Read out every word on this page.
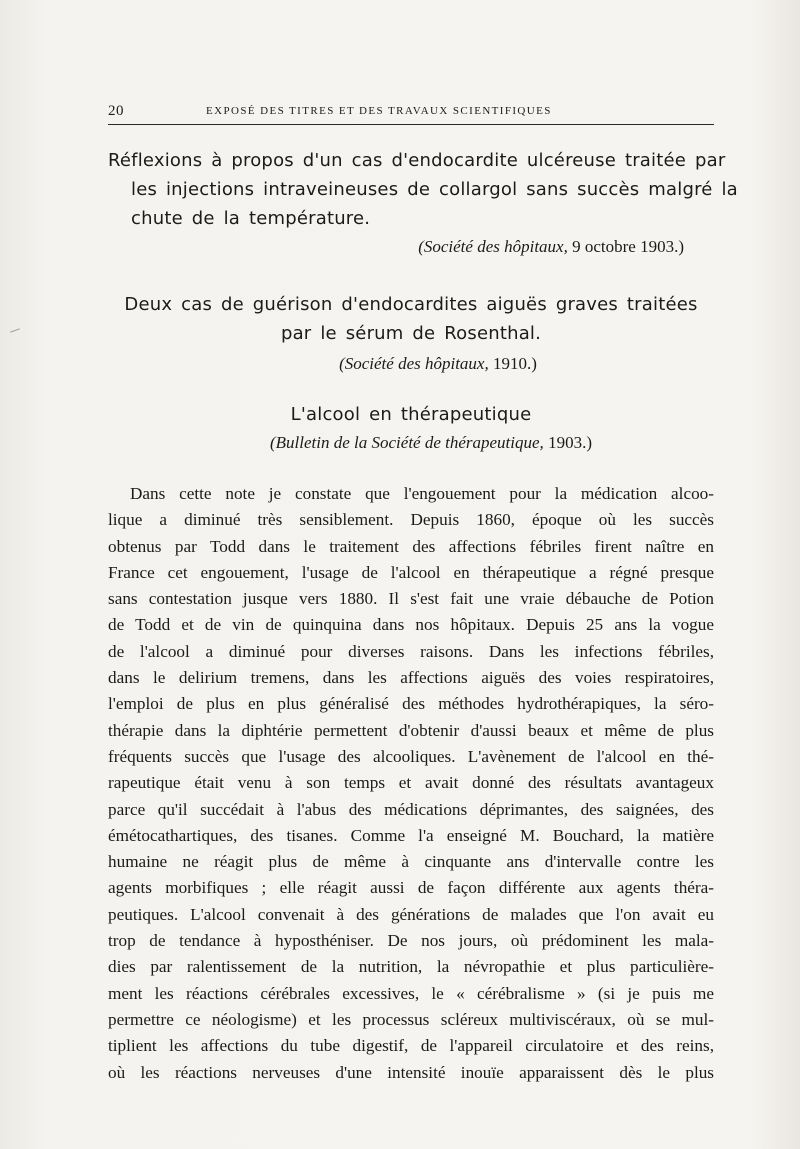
20	EXPOSÉ DES TITRES ET DES TRAVAUX SCIENTIFIQUES
Réflexions à propos d'un cas d'endocardite ulcéreuse traitée par
les injections intraveineuses de collargol sans succès malgré la
chute de la température.
(Société des hôpitaux, 9 octobre 1903.)
Deux cas de guérison d'endocardites aiguës graves traitées
par le sérum de Rosenthal.
(Société des hôpitaux, 1910.)
L'alcool en thérapeutique
(Bulletin de la Société de thérapeutique, 1903.)
Dans cette note je constate que l'engouement pour la médication alcoo-
lique a diminué très sensiblement. Depuis 1860, époque où les succès
obtenus par Todd dans le traitement des affections fébriles firent naître en
France cet engouement, l'usage de l'alcool en thérapeutique a régné presque
sans contestation jusque vers 1880. Il s'est fait une vraie débauche de Potion
de Todd et de vin de quinquina dans nos hôpitaux. Depuis 25 ans la vogue
de l'alcool a diminué pour diverses raisons. Dans les infections fébriles,
dans le delirium tremens, dans les affections aiguës des voies respiratoires,
l'emploi de plus en plus généralisé des méthodes hydrothérapiques, la séro-
thérapie dans la diphtérie permettent d'obtenir d'aussi beaux et même de plus
fréquents succès que l'usage des alcooliques. L'avènement de l'alcool en thé-
rapeutique était venu à son temps et avait donné des résultats avantageux
parce qu'il succédait à l'abus des médications déprimantes, des saignées, des
émétocathartiques, des tisanes. Comme l'a enseigné M. Bouchard, la matière
humaine ne réagit plus de même à cinquante ans d'intervalle contre les
agents morbifiques ; elle réagit aussi de façon différente aux agents théra-
peutiques. L'alcool convenait à des générations de malades que l'on avait eu
trop de tendance à hyposthéniser. De nos jours, où prédominent les mala-
dies par ralentissement de la nutrition, la névropathie et plus particulière-
ment les réactions cérébrales excessives, le « cérébralisme » (si je puis me
permettre ce néologisme) et les processus scléreux multiviscéraux, où se mul-
tiplient les affections du tube digestif, de l'appareil circulatoire et des reins,
où les réactions nerveuses d'une intensité inouïe apparaissent dès le plus
